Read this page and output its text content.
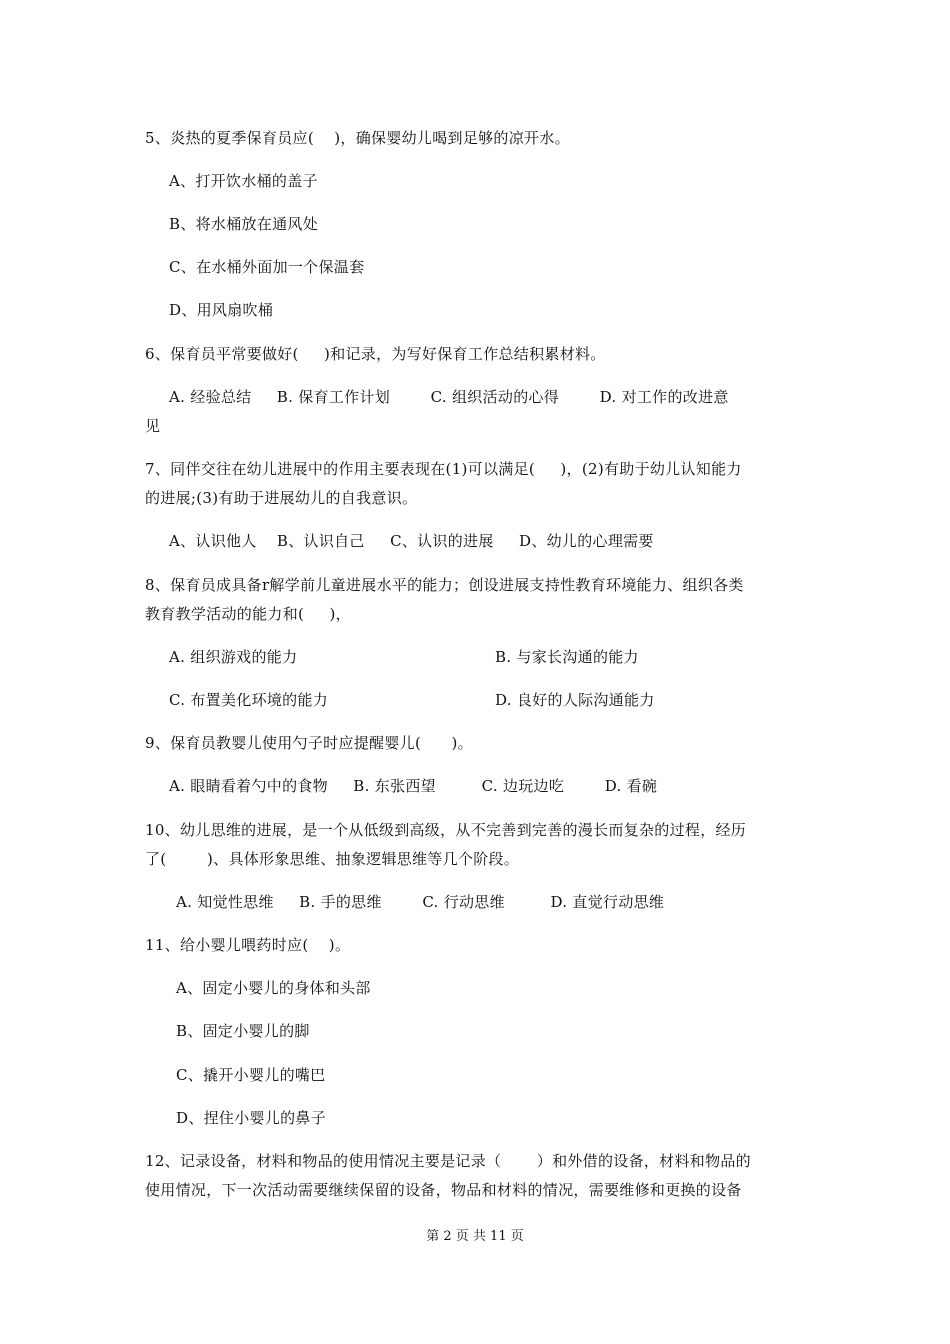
5、炎热的夏季保育员应(    )，确保婴幼儿喝到足够的凉开水。
A、打开饮水桶的盖子
B、将水桶放在通风处
C、在水桶外面加一个保温套
D、用风扇吹桶
6、保育员平常要做好(     )和记录，为写好保育工作总结积累材料。
A. 经验总结     B. 保育工作计划        C. 组织活动的心得        D. 对工作的改进意
见
7、同伴交往在幼儿进展中的作用主要表现在(1)可以满足(     )，(2)有助于幼儿认知能力
的进展;(3)有助于进展幼儿的自我意识。
A、认识他人    B、认识自己     C、认识的进展     D、幼儿的心理需要
8、保育员成具备r解学前儿童进展水平的能力；创设进展支持性教育环境能力、组织各类
教育教学活动的能力和(     )，
A. 组织游戏的能力	B. 与家长沟通的能力
C. 布置美化环境的能力	D. 良好的人际沟通能力
9、保育员教婴儿使用勺子时应提醒婴儿(      )。
A. 眼睛看着勺中的食物     B. 东张西望         C. 边玩边吃        D. 看碗
10、幼儿思维的进展，是一个从低级到高级，从不完善到完善的漫长而复杂的过程，经历
了(        )、具体形象思维、抽象逻辑思维等几个阶段。
A. 知觉性思维     B. 手的思维        C. 行动思维         D. 直觉行动思维
11、给小婴儿喂药时应(    )。
A、固定小婴儿的身体和头部
B、固定小婴儿的脚
C、撬开小婴儿的嘴巴
D、捏住小婴儿的鼻子
12、记录设备，材料和物品的使用情况主要是记录（       ）和外借的设备，材料和物品的
使用情况，下一次活动需要继续保留的设备，物品和材料的情况，需要维修和更换的设备
第 2 页 共 11 页
